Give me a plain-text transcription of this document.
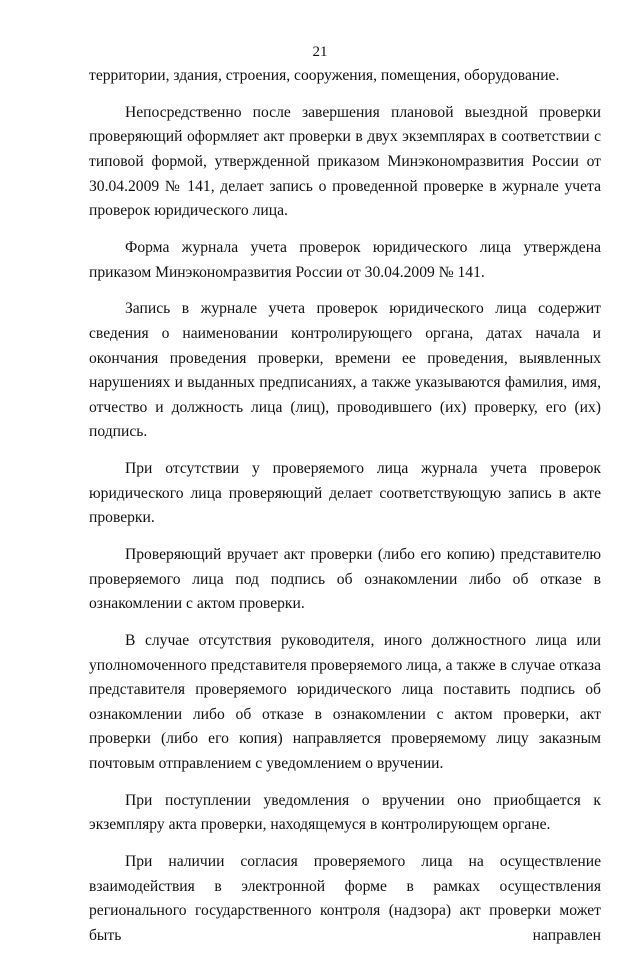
21

территории, здания, строения, сооружения, помещения, оборудование.

Непосредственно после завершения плановой выездной проверки проверяющий оформляет акт проверки в двух экземплярах в соответствии с типовой формой, утвержденной приказом Минэкономразвития России от 30.04.2009 № 141, делает запись о проведенной проверке в журнале учета проверок юридического лица.

Форма журнала учета проверок юридического лица утверждена приказом Минэкономразвития России от 30.04.2009 № 141.

Запись в журнале учета проверок юридического лица содержит сведения о наименовании контролирующего органа, датах начала и окончания проведения проверки, времени ее проведения, выявленных нарушениях и выданных предписаниях, а также указываются фамилия, имя, отчество и должность лица (лиц), проводившего (их) проверку, его (их) подпись.

При отсутствии у проверяемого лица журнала учета проверок юридического лица проверяющий делает соответствующую запись в акте проверки.

Проверяющий вручает акт проверки (либо его копию) представителю проверяемого лица под подпись об ознакомлении либо об отказе в ознакомлении с актом проверки.

В случае отсутствия руководителя, иного должностного лица или уполномоченного представителя проверяемого лица, а также в случае отказа представителя проверяемого юридического лица поставить подпись об ознакомлении либо об отказе в ознакомлении с актом проверки, акт проверки (либо его копия) направляется проверяемому лицу заказным почтовым отправлением с уведомлением о вручении.

При поступлении уведомления о вручении оно приобщается к экземпляру акта проверки, находящемуся в контролирующем органе.

При наличии согласия проверяемого лица на осуществление взаимодействия в электронной форме в рамках осуществления регионального государственного контроля (надзора) акт проверки может быть направлен
